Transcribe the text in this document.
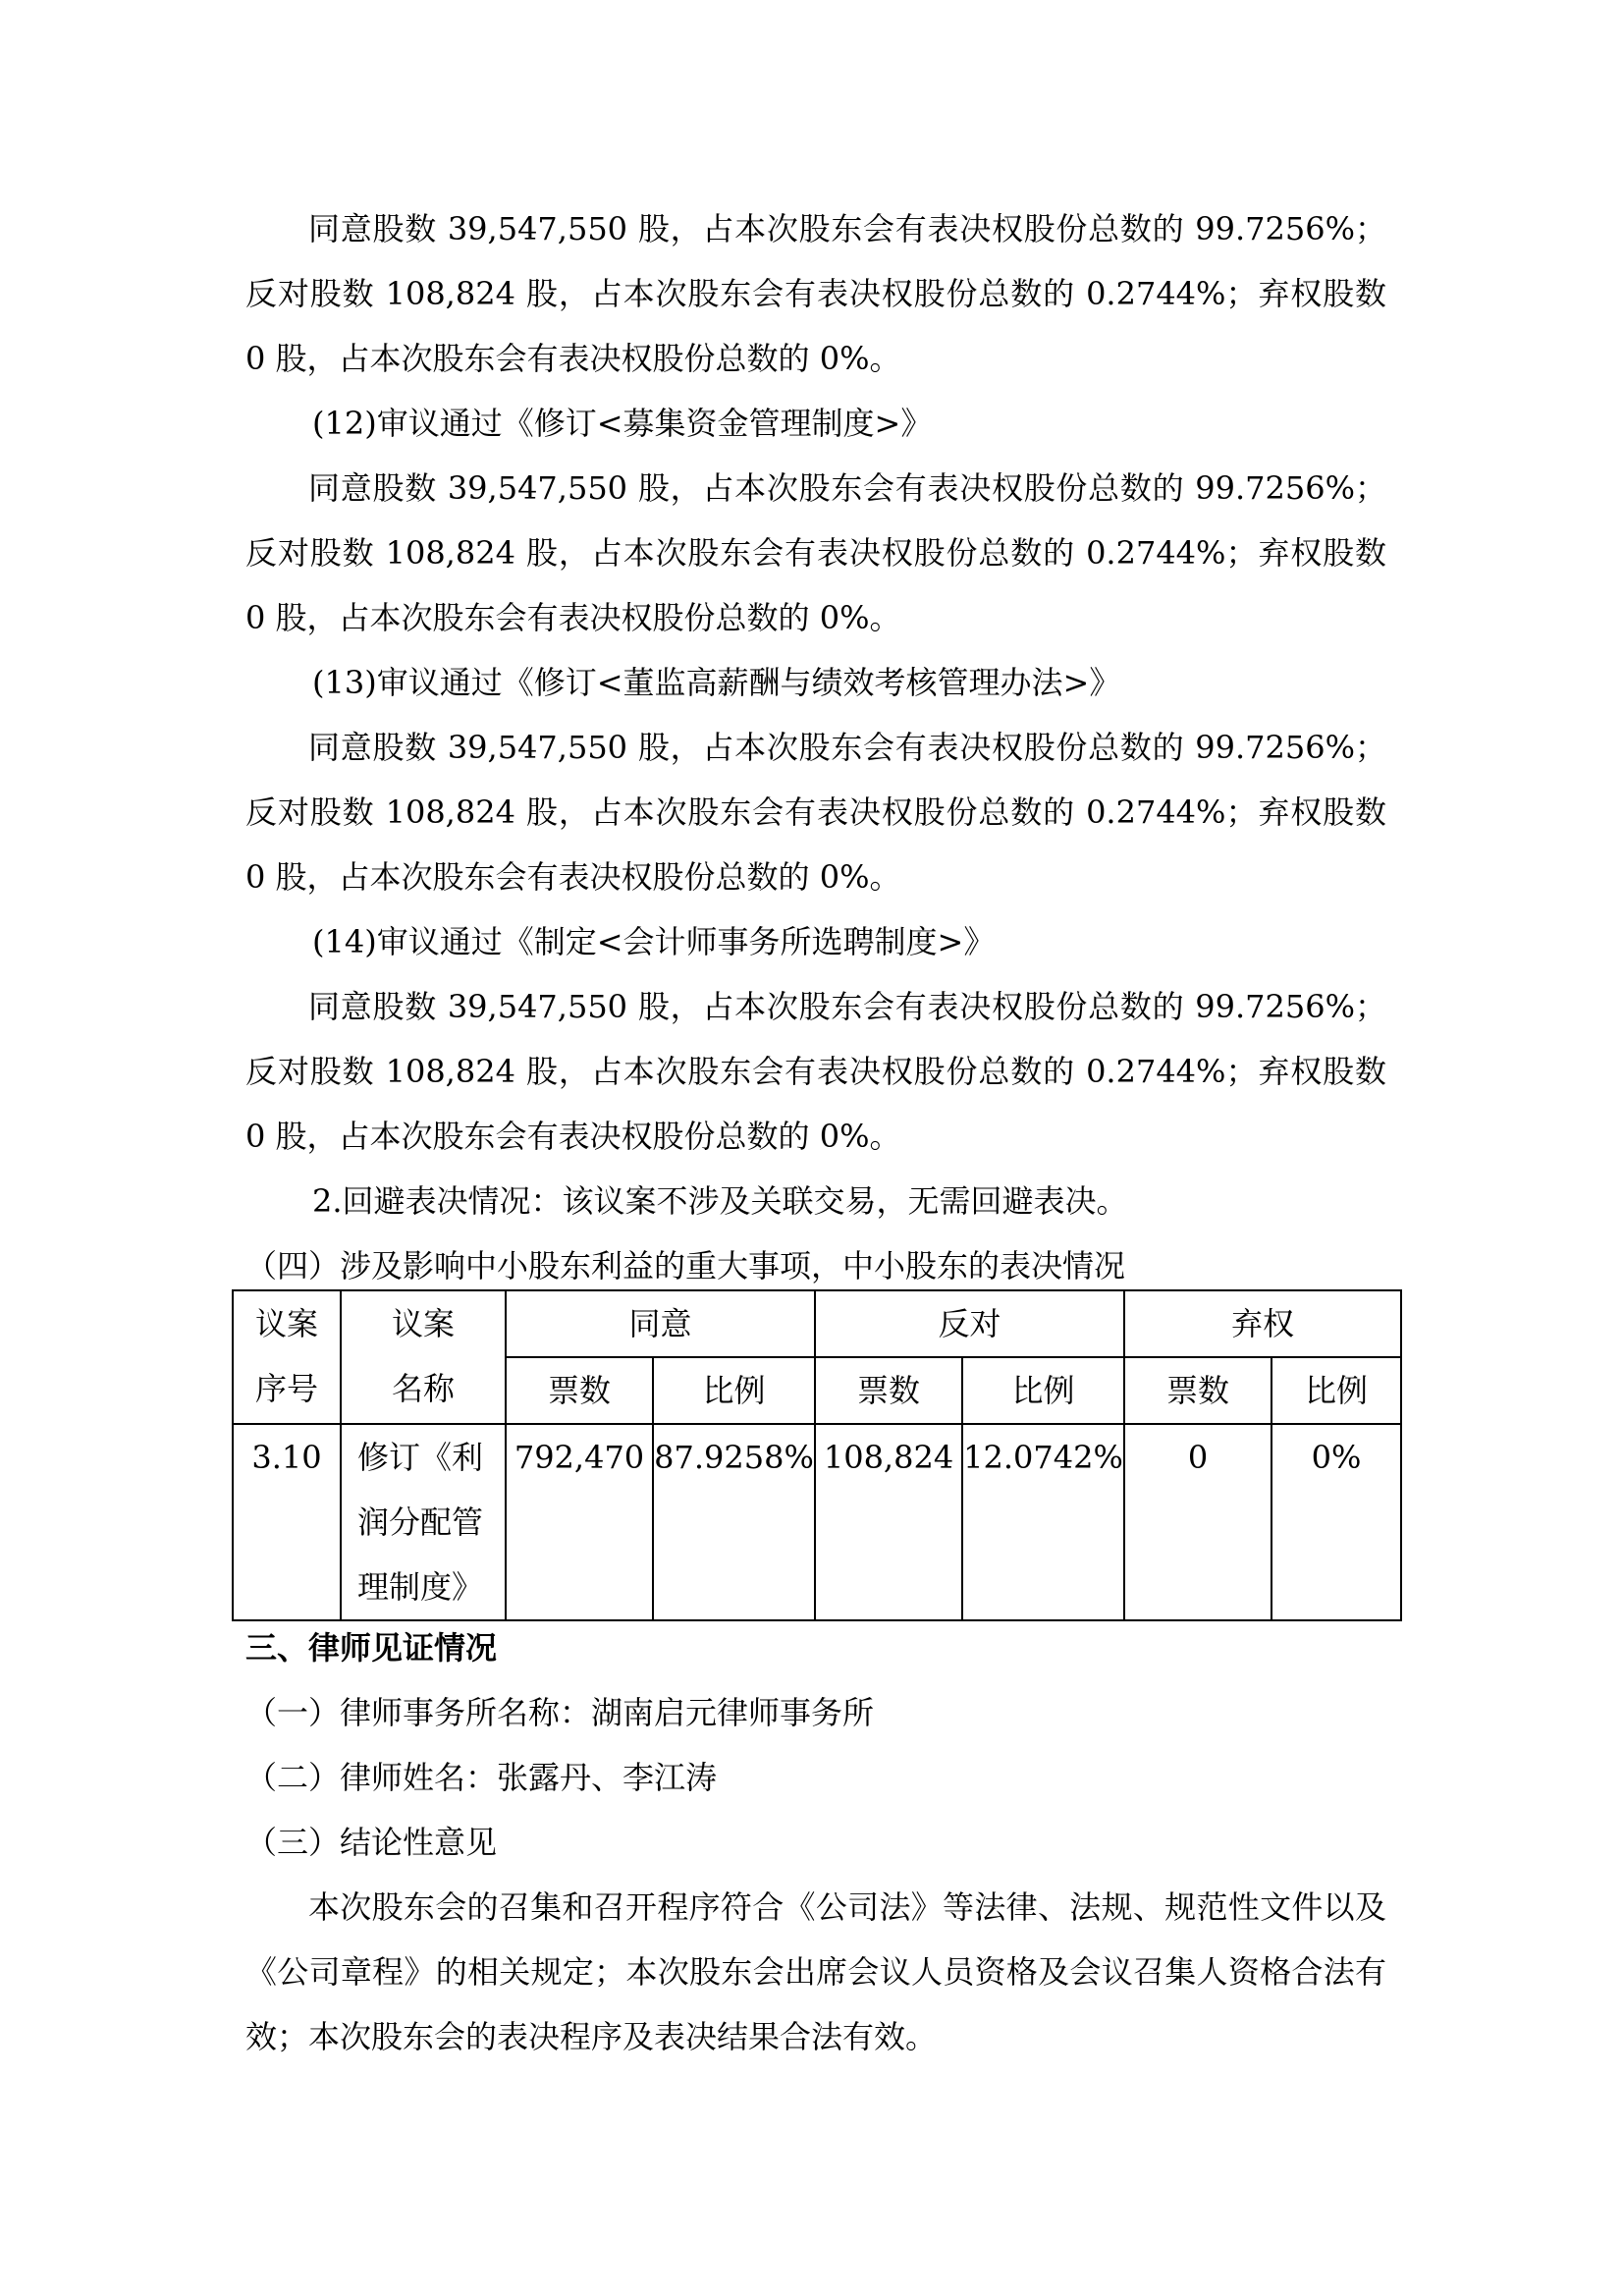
同意股数 39,547,550 股，占本次股东会有表决权股份总数的 99.7256%；反对股数 108,824 股，占本次股东会有表决权股份总数的 0.2744%；弃权股数 0 股，占本次股东会有表决权股份总数的 0%。

(12)审议通过《修订<募集资金管理制度>》

同意股数 39,547,550 股，占本次股东会有表决权股份总数的 99.7256%；反对股数 108,824 股，占本次股东会有表决权股份总数的 0.2744%；弃权股数 0 股，占本次股东会有表决权股份总数的 0%。

(13)审议通过《修订<董监高薪酬与绩效考核管理办法>》

同意股数 39,547,550 股，占本次股东会有表决权股份总数的 99.7256%；反对股数 108,824 股，占本次股东会有表决权股份总数的 0.2744%；弃权股数 0 股，占本次股东会有表决权股份总数的 0%。

(14)审议通过《制定<会计师事务所选聘制度>》

同意股数 39,547,550 股，占本次股东会有表决权股份总数的 99.7256%；反对股数 108,824 股，占本次股东会有表决权股份总数的 0.2744%；弃权股数 0 股，占本次股东会有表决权股份总数的 0%。

2.回避表决情况：该议案不涉及关联交易，无需回避表决。

（四）涉及影响中小股东利益的重大事项，中小股东的表决情况

议案序号	议案名称	同意		反对		弃权	
		票数	比例	票数	比例	票数	比例
3.10	修订《利润分配管理制度》	792,470	87.9258%	108,824	12.0742%	0	0%

三、律师见证情况

（一）律师事务所名称：湖南启元律师事务所

（二）律师姓名：张露丹、李江涛

（三）结论性意见

本次股东会的召集和召开程序符合《公司法》等法律、法规、规范性文件以及《公司章程》的相关规定；本次股东会出席会议人员资格及会议召集人资格合法有效；本次股东会的表决程序及表决结果合法有效。
